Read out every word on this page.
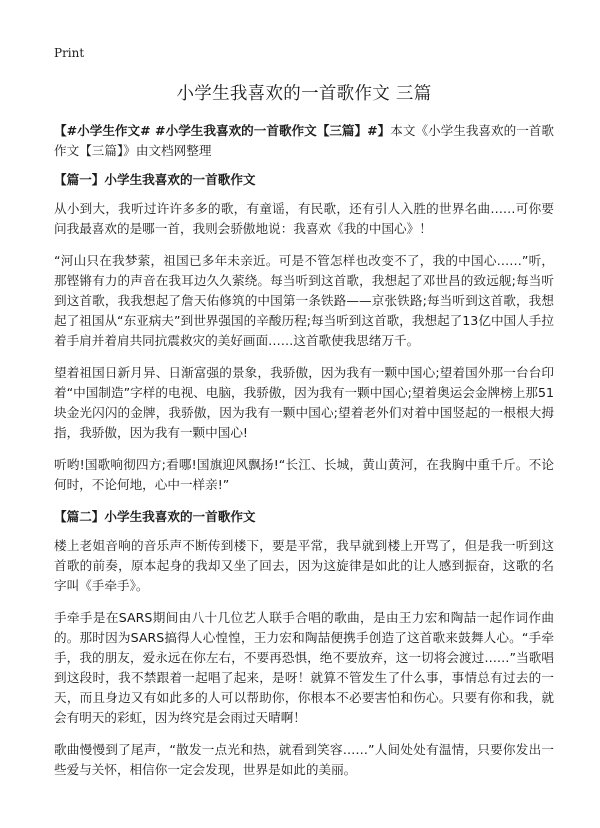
Print
小学生我喜欢的一首歌作文 三篇
【#小学生作文# #小学生我喜欢的一首歌作文【三篇】#】本文《小学生我喜欢的一首歌作文【三篇】》由文档网整理
【篇一】小学生我喜欢的一首歌作文

从小到大，我听过许许多多的歌，有童谣，有民歌，还有引人入胜的世界名曲……可你要问我最喜欢的是哪一首，我则会骄傲地说：我喜欢《我的中国心》！

“河山只在我梦萦，祖国已多年未亲近。可是不管怎样也改变不了，我的中国心……”听，那铿锵有力的声音在我耳边久久萦绕。每当听到这首歌，我想起了邓世昌的致远舰;每当听到这首歌，我我想起了詹天佑修筑的中国第一条铁路——京张铁路;每当听到这首歌，我想起了祖国从“东亚病夫”到世界强国的辛酸历程;每当听到这首歌，我想起了13亿中国人手拉着手肩并着肩共同抗震救灾的美好画面……这首歌使我思绪万千。

望着祖国日新月异、日渐富强的景象，我骄傲，因为我有一颗中国心;望着国外那一台台印着“中国制造”字样的电视、电脑，我骄傲，因为我有一颗中国心;望着奥运会金牌榜上那51块金光闪闪的金牌，我骄傲，因为我有一颗中国心;望着老外们对着中国竖起的一根根大拇指，我骄傲，因为我有一颗中国心!

听哟!国歌响彻四方;看哪!国旗迎风飘扬!“长江、长城，黄山黄河，在我胸中重千斤。不论何时，不论何地，心中一样亲!”

【篇二】小学生我喜欢的一首歌作文

楼上老姐音响的音乐声不断传到楼下，要是平常，我早就到楼上开骂了，但是我一听到这首歌的前奏，原本起身的我却又坐了回去，因为这旋律是如此的让人感到振奋，这歌的名字叫《手牵手》。

手牵手是在SARS期间由八十几位艺人联手合唱的歌曲，是由王力宏和陶喆一起作词作曲的。那时因为SARS搞得人心惶惶，王力宏和陶喆便携手创造了这首歌来鼓舞人心。“手牵手，我的朋友，爱永远在你左右，不要再恐惧，绝不要放弃，这一切将会渡过……”当歌唱到这段时，我不禁跟着一起唱了起来，是呀！就算不管发生了什么事，事情总有过去的一天，而且身边又有如此多的人可以帮助你，你根本不必要害怕和伤心。只要有你和我，就会有明天的彩虹，因为终究是会雨过天晴啊！

歌曲慢慢到了尾声，“散发一点光和热，就看到笑容……”人间处处有温情，只要你发出一些爱与关怀，相信你一定会发现，世界是如此的美丽。
